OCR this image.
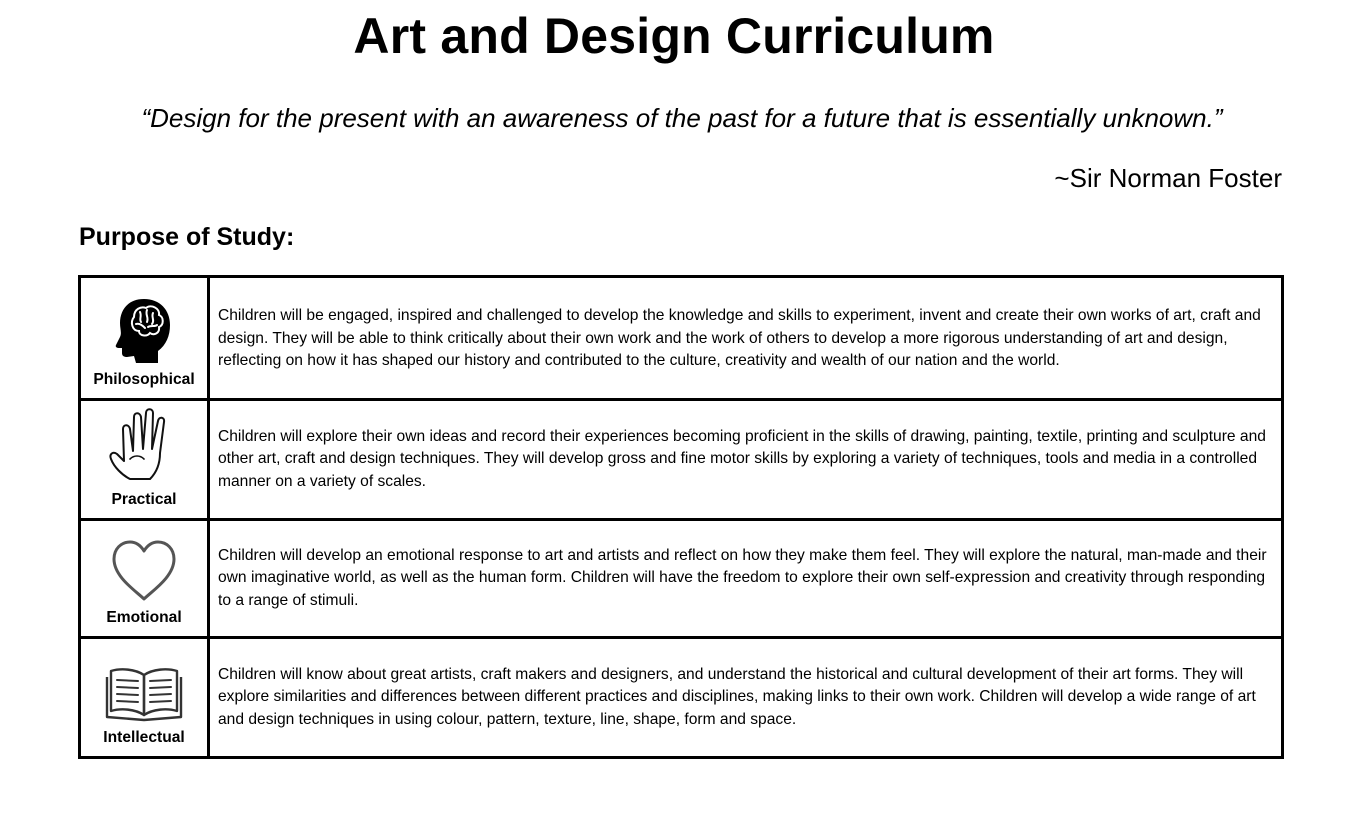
Art and Design Curriculum
“Design for the present with an awareness of the past for a future that is essentially unknown.”
~Sir Norman Foster
Purpose of Study:
Philosophical	Children will be engaged, inspired and challenged to develop the knowledge and skills to experiment, invent and create their own works of art, craft and design. They will be able to think critically about their own work and the work of others to develop a more rigorous understanding of art and design, reflecting on how it has shaped our history and contributed to the culture, creativity and wealth of our nation and the world.

Practical	Children will explore their own ideas and record their experiences becoming proficient in the skills of drawing, painting, textile, printing and sculpture and other art, craft and design techniques. They will develop gross and fine motor skills by exploring a variety of techniques, tools and media in a controlled manner on a variety of scales.

Emotional	Children will develop an emotional response to art and artists and reflect on how they make them feel. They will explore the natural, man-made and their own imaginative world, as well as the human form. Children will have the freedom to explore their own self-expression and creativity through responding to a range of stimuli.

Intellectual	Children will know about great artists, craft makers and designers, and understand the historical and cultural development of their art forms. They will explore similarities and differences between different practices and disciplines, making links to their own work. Children will develop a wide range of art and design techniques in using colour, pattern, texture, line, shape, form and space.
